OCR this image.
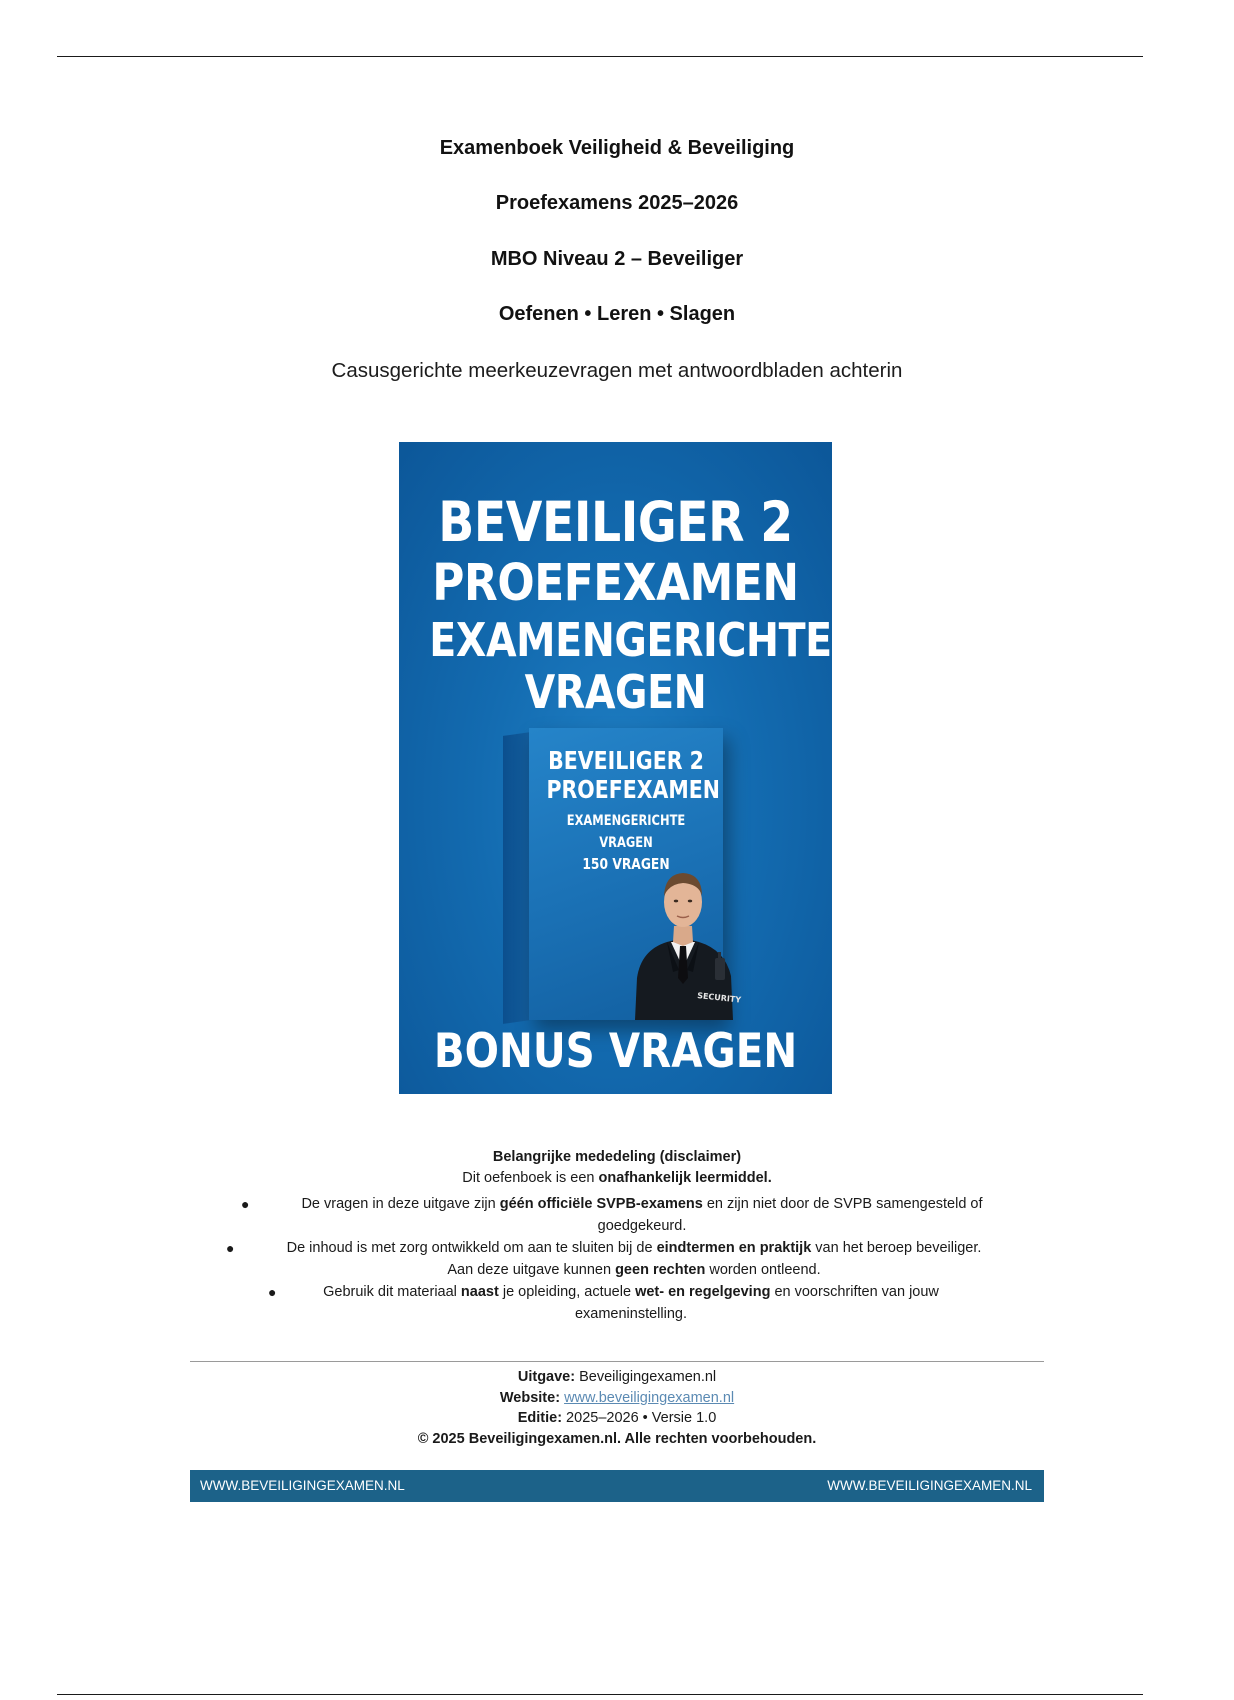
Examenboek Veiligheid & Beveiliging
Proefexamens 2025–2026
MBO Niveau 2 – Beveiliger
Oefenen • Leren • Slagen
Casusgerichte meerkeuzevragen met antwoordbladen achterin
BEVEILIGER 2
PROEFEXAMEN
EXAMENGERICHTE
VRAGEN
BEVEILIGER 2
PROEFEXAMEN
EXAMENGERICHTE VRAGEN
150 VRAGEN
SECURITY
BONUS VRAGEN
Belangrijke mededeling (disclaimer)
Dit oefenboek is een onafhankelijk leermiddel.
●	De vragen in deze uitgave zijn géén officiële SVPB-examens en zijn niet door de SVPB samengesteld of goedgekeurd.
●	De inhoud is met zorg ontwikkeld om aan te sluiten bij de eindtermen en praktijk van het beroep beveiliger.
Aan deze uitgave kunnen geen rechten worden ontleend.
●	Gebruik dit materiaal naast je opleiding, actuele wet- en regelgeving en voorschriften van jouw exameninstelling.
Uitgave: Beveiligingexamen.nl
Website: www.beveiligingexamen.nl
Editie: 2025–2026 • Versie 1.0
© 2025 Beveiligingexamen.nl. Alle rechten voorbehouden.
WWW.BEVEILIGINGEXAMEN.NL	WWW.BEVEILIGINGEXAMEN.NL
